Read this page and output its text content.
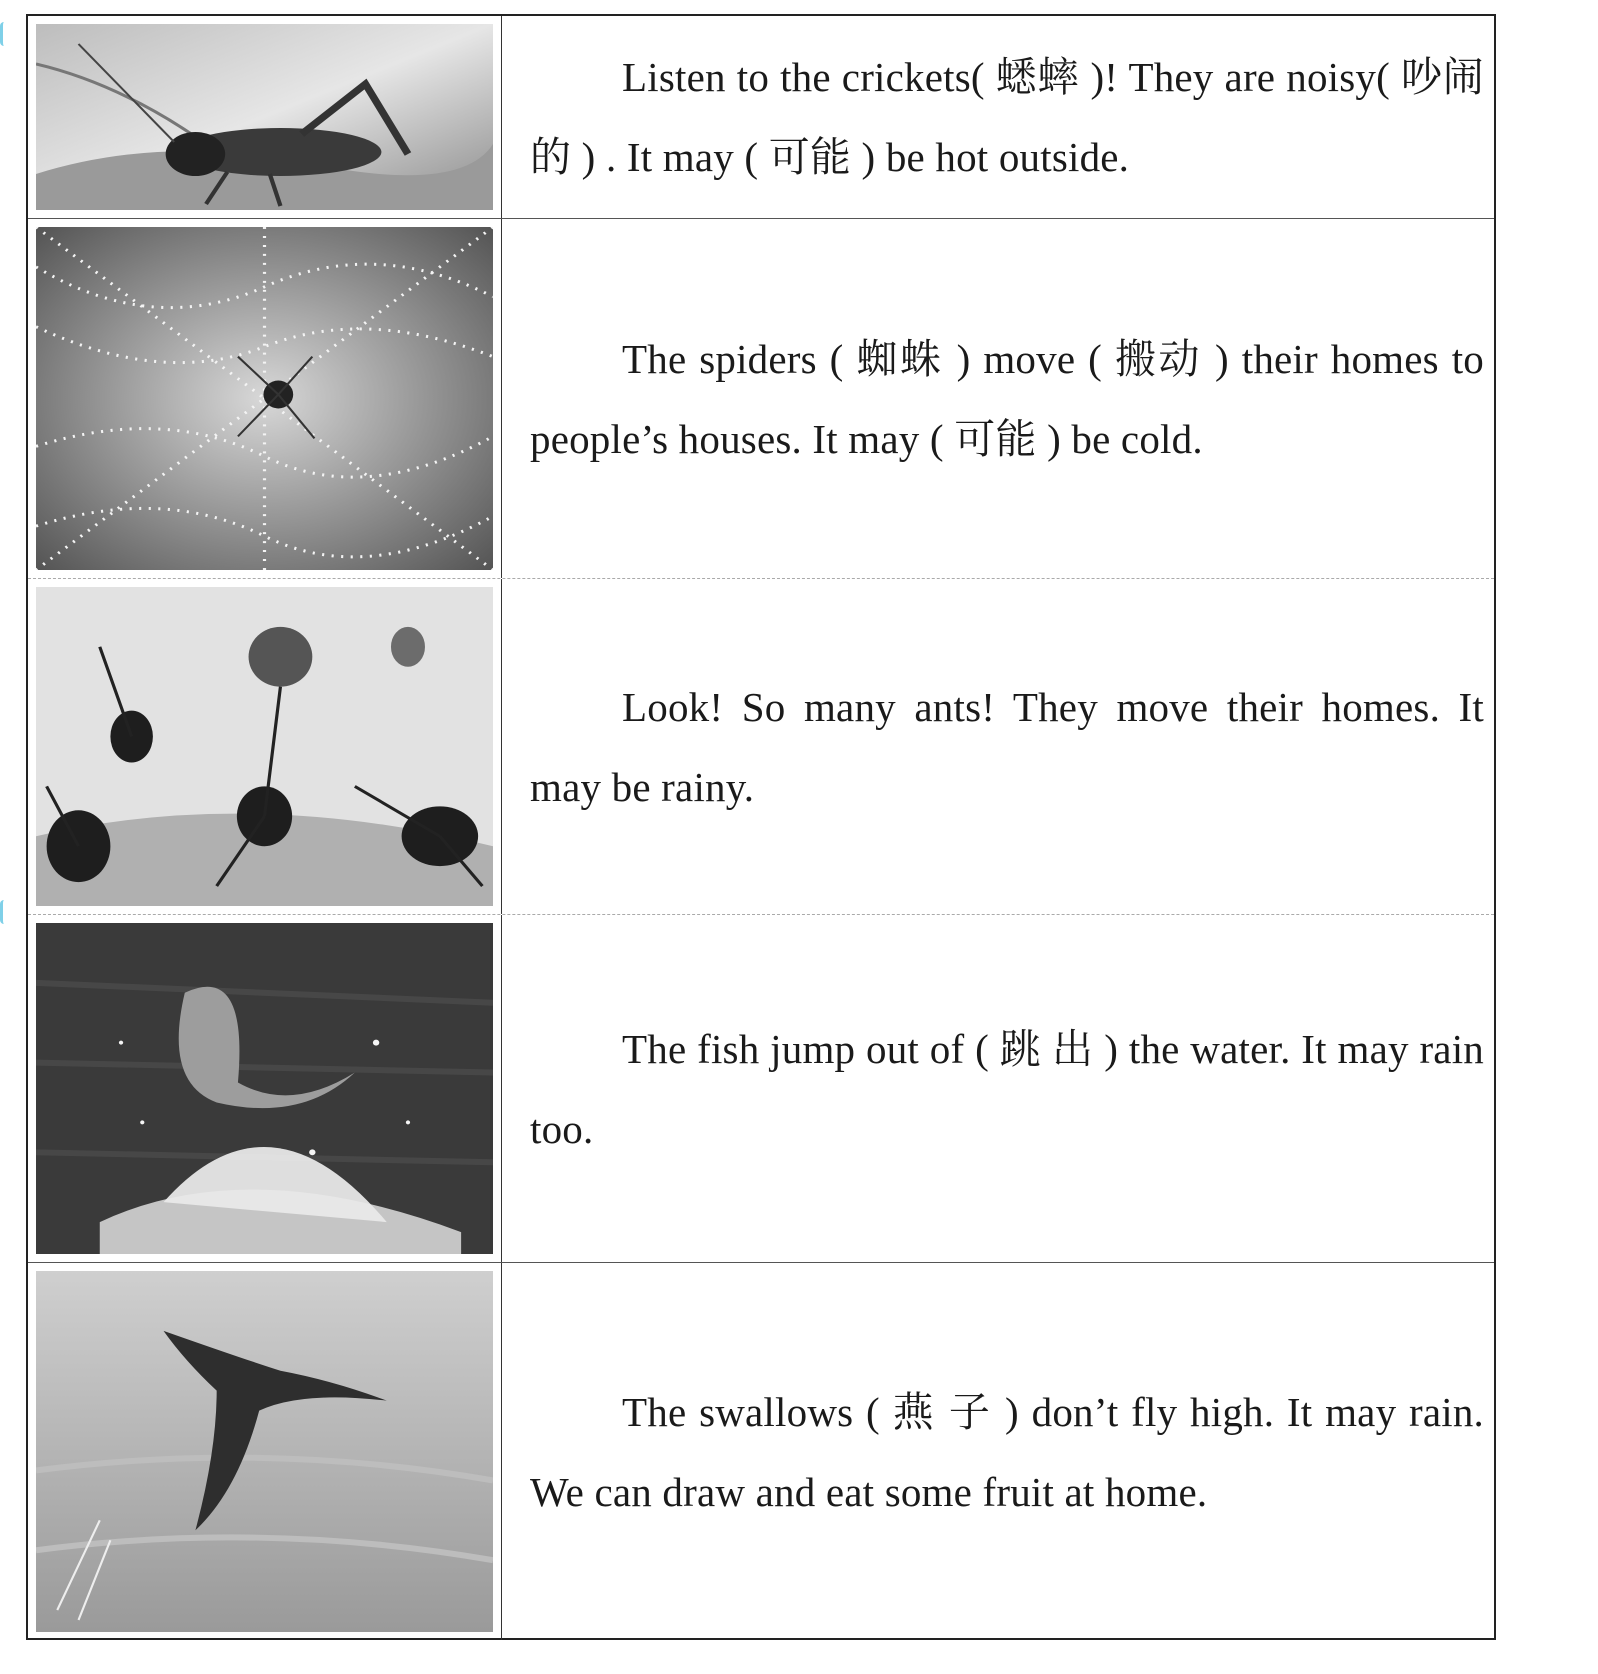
Listen to the crickets( 蟋蟀 )! They are noisy( 吵闹的 ) . It may ( 可能 ) be hot outside.

The spiders ( 蜘蛛 ) move ( 搬动 ) their homes to people’s houses. It may ( 可能 ) be cold.

Look! So many ants! They move their homes. It may be rainy.

The fish jump out of ( 跳 出 ) the water. It may rain too.

The swallows ( 燕 子 ) don’t fly high. It may rain. We can draw and eat some fruit at home.
